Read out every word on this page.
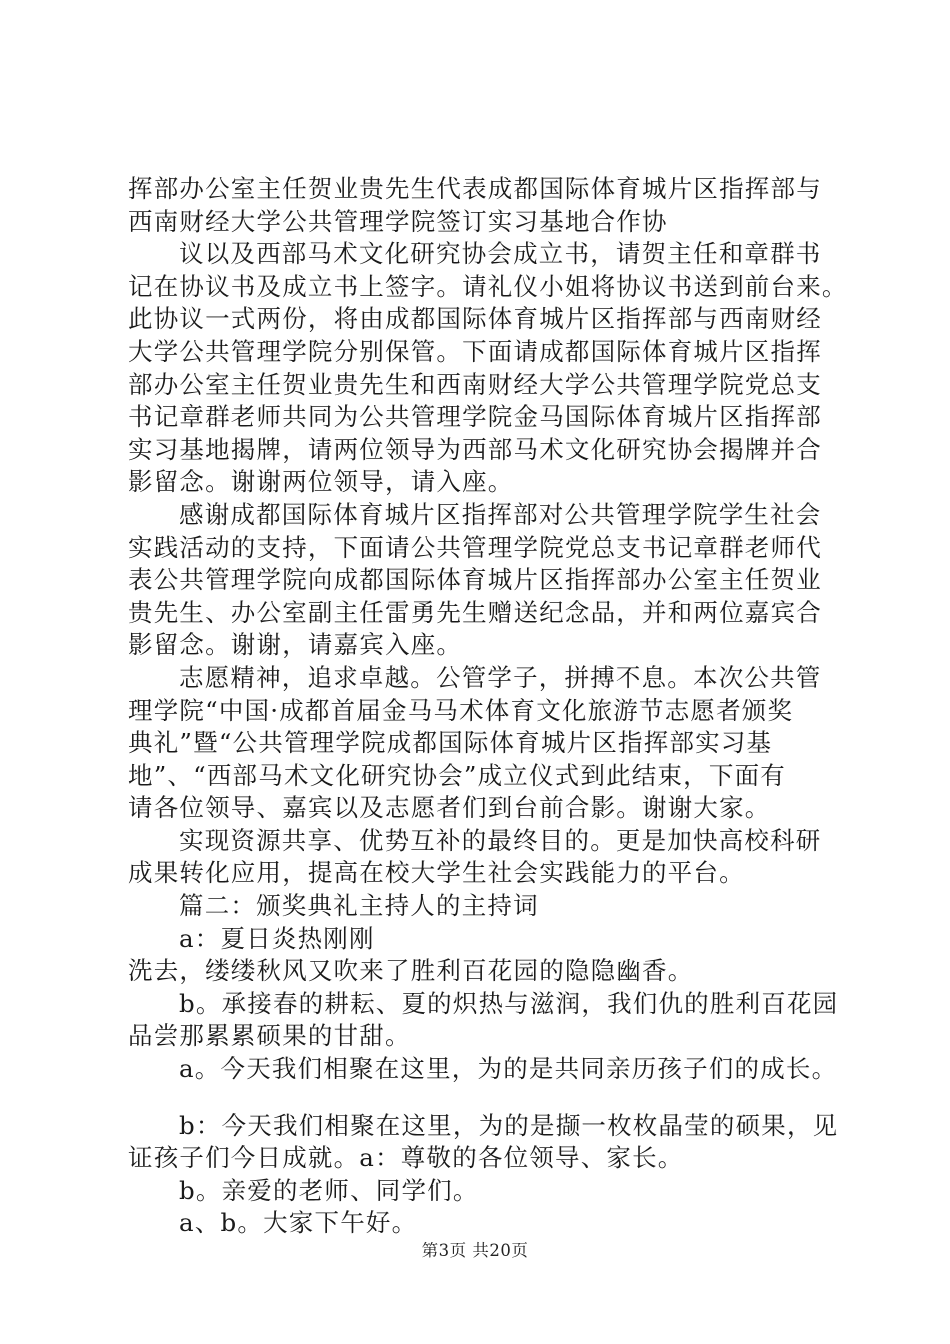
挥部办公室主任贺业贵先生代表成都国际体育城片区指挥部与
西南财经大学公共管理学院签订实习基地合作协
议以及西部马术文化研究协会成立书，请贺主任和章群书
记在协议书及成立书上签字。请礼仪小姐将协议书送到前台来。
此协议一式两份，将由成都国际体育城片区指挥部与西南财经
大学公共管理学院分别保管。下面请成都国际体育城片区指挥
部办公室主任贺业贵先生和西南财经大学公共管理学院党总支
书记章群老师共同为公共管理学院金马国际体育城片区指挥部
实习基地揭牌，请两位领导为西部马术文化研究协会揭牌并合
影留念。谢谢两位领导，请入座。
感谢成都国际体育城片区指挥部对公共管理学院学生社会
实践活动的支持，下面请公共管理学院党总支书记章群老师代
表公共管理学院向成都国际体育城片区指挥部办公室主任贺业
贵先生、办公室副主任雷勇先生赠送纪念品，并和两位嘉宾合
影留念。谢谢，请嘉宾入座。
志愿精神，追求卓越。公管学子，拼搏不息。本次公共管
理学院“中国·成都首届金马马术体育文化旅游节志愿者颁奖
典礼”暨“公共管理学院成都国际体育城片区指挥部实习基
地”、“西部马术文化研究协会”成立仪式到此结束，下面有
请各位领导、嘉宾以及志愿者们到台前合影。谢谢大家。
实现资源共享、优势互补的最终目的。更是加快高校科研
成果转化应用，提高在校大学生社会实践能力的平台。
篇二：颁奖典礼主持人的主持词
a：夏日炎热刚刚
洗去，缕缕秋风又吹来了胜利百花园的隐隐幽香。
b。承接春的耕耘、夏的炽热与滋润，我们仇的胜利百花园
品尝那累累硕果的甘甜。
a。今天我们相聚在这里，为的是共同亲历孩子们的成长。
b：今天我们相聚在这里，为的是撷一枚枚晶莹的硕果，见
证孩子们今日成就。a：尊敬的各位领导、家长。
b。亲爱的老师、同学们。
a、b。大家下午好。
第3页 共20页
